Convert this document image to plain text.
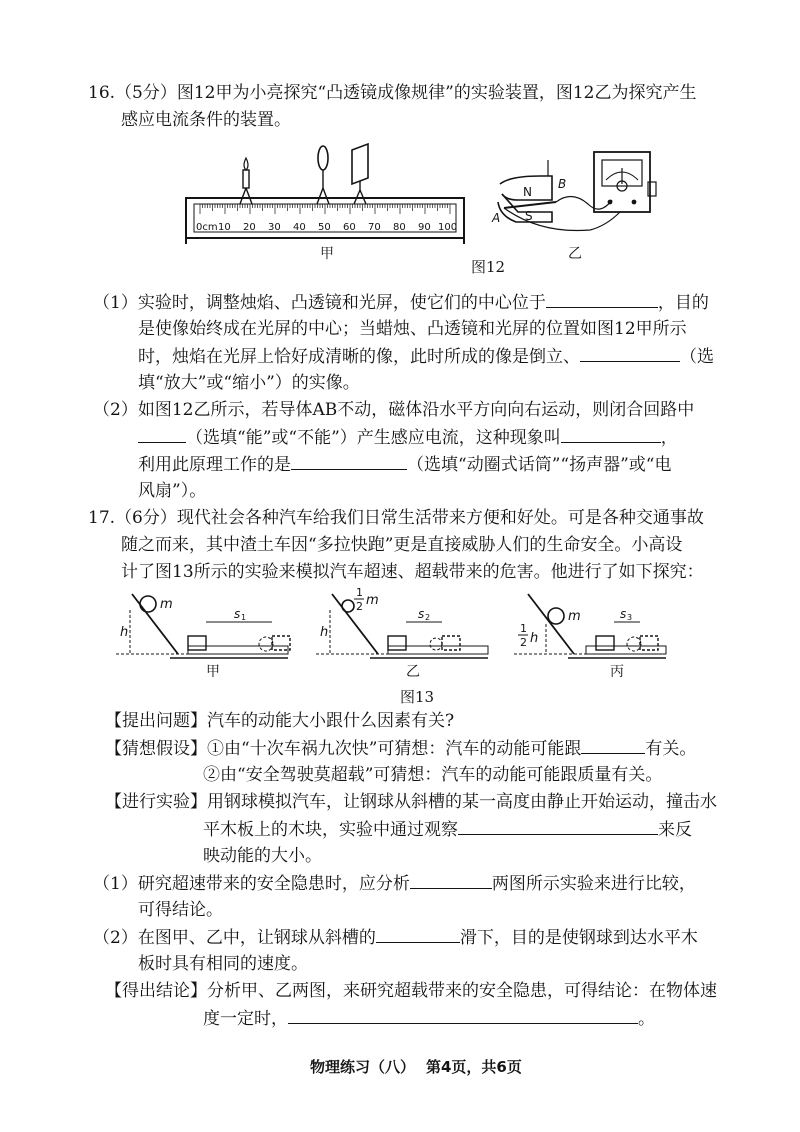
16.（5分）图12甲为小亮探究“凸透镜成像规律”的实验装置，图12乙为探究产生
感应电流条件的装置。
0cm 10 20 30 40 50 60 70 80 90 100
N
S
A
B
甲	乙
图12
（1）实验时，调整烛焰、凸透镜和光屏，使它们的中心位于	，目的
是使像始终成在光屏的中心；当蜡烛、凸透镜和光屏的位置如图12甲所示
时，烛焰在光屏上恰好成清晰的像，此时所成的像是倒立、	（选
填“放大”或“缩小”）的实像。
（2）如图12乙所示，若导体AB不动，磁体沿水平方向向右运动，则闭合回路中
（选填“能”或“不能”）产生感应电流，这种现象叫	，
利用此原理工作的是	（选填“动圈式话筒”“扬声器”或“电
风扇”）。
17.（6分）现代社会各种汽车给我们日常生活带来方便和好处。可是各种交通事故
随之而来，其中渣土车因“多拉快跑”更是直接威胁人们的生命安全。小高设
计了图13所示的实验来模拟汽车超速、超载带来的危害。他进行了如下探究：
m
h
s 1
甲
1
2 m
h
s 2
乙
m
1
2 h
s 3
丙
图13
【提出问题】汽车的动能大小跟什么因素有关?
【猜想假设】①由“十次车祸九次快”可猜想：汽车的动能可能跟	有关。
②由“安全驾驶莫超载”可猜想：汽车的动能可能跟质量有关。
【进行实验】用钢球模拟汽车，让钢球从斜槽的某一高度由静止开始运动，撞击水
平木板上的木块，实验中通过观察	来反
映动能的大小。
（1）研究超速带来的安全隐患时，应分析	两图所示实验来进行比较，
可得结论。
（2）在图甲、乙中，让钢球从斜槽的	滑下，目的是使钢球到达水平木
板时具有相同的速度。
【得出结论】分析甲、乙两图，来研究超载带来的安全隐患，可得结论：在物体速
度一定时，	。
物理练习（八） 第4页，共6页
